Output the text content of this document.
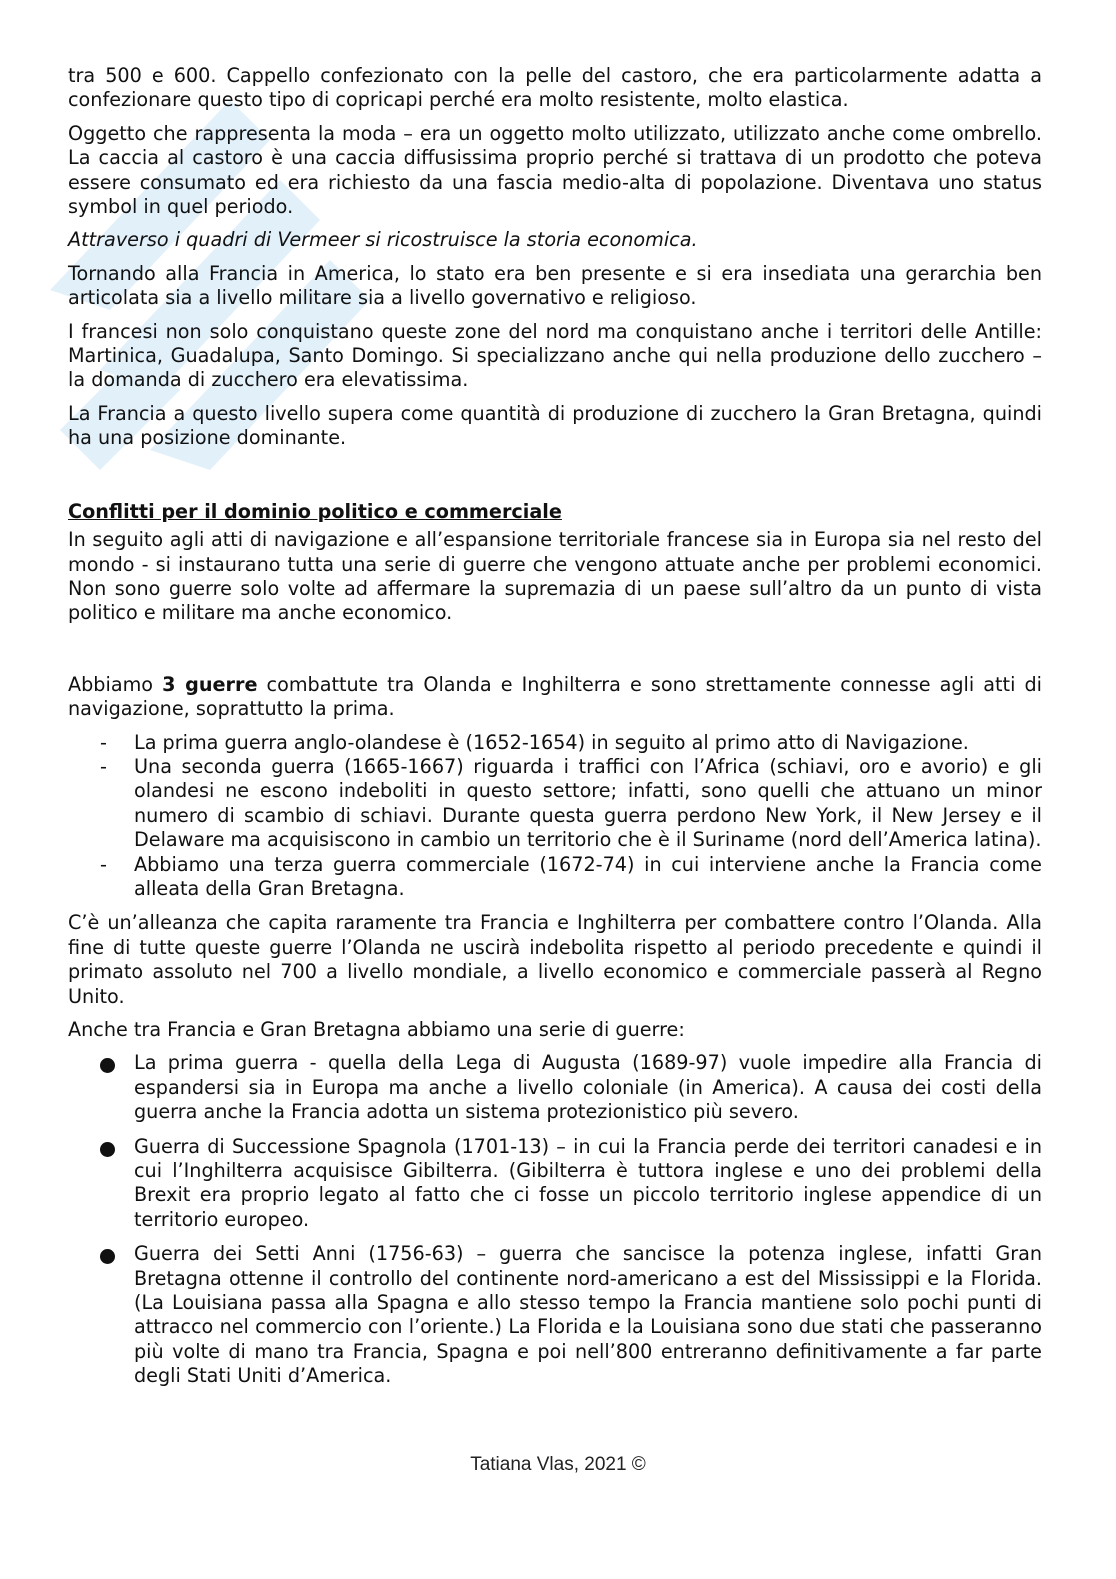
tra 500 e 600. Cappello confezionato con la pelle del castoro, che era particolarmente adatta a confezionare questo tipo di copricapi perché era molto resistente, molto elastica.

Oggetto che rappresenta la moda – era un oggetto molto utilizzato, utilizzato anche come ombrello. La caccia al castoro è una caccia diffusissima proprio perché si trattava di un prodotto che poteva essere consumato ed era richiesto da una fascia medio-alta di popolazione. Diventava uno status symbol in quel periodo.

Attraverso i quadri di Vermeer si ricostruisce la storia economica.

Tornando alla Francia in America, lo stato era ben presente e si era insediata una gerarchia ben articolata sia a livello militare sia a livello governativo e religioso.

I francesi non solo conquistano queste zone del nord ma conquistano anche i territori delle Antille: Martinica, Guadalupa, Santo Domingo. Si specializzano anche qui nella produzione dello zucchero – la domanda di zucchero era elevatissima.

La Francia a questo livello supera come quantità di produzione di zucchero la Gran Bretagna, quindi ha una posizione dominante.

Conflitti per il dominio politico e commerciale

In seguito agli atti di navigazione e all’espansione territoriale francese sia in Europa sia nel resto del mondo - si instaurano tutta una serie di guerre che vengono attuate anche per problemi economici. Non sono guerre solo volte ad affermare la supremazia di un paese sull’altro da un punto di vista politico e militare ma anche economico.

Abbiamo 3 guerre combattute tra Olanda e Inghilterra e sono strettamente connesse agli atti di navigazione, soprattutto la prima.

- La prima guerra anglo-olandese è (1652-1654) in seguito al primo atto di Navigazione.
- Una seconda guerra (1665-1667) riguarda i traffici con l’Africa (schiavi, oro e avorio) e gli olandesi ne escono indeboliti in questo settore; infatti, sono quelli che attuano un minor numero di scambio di schiavi. Durante questa guerra perdono New York, il New Jersey e il Delaware ma acquisiscono in cambio un territorio che è il Suriname (nord dell’America latina).
- Abbiamo una terza guerra commerciale (1672-74) in cui interviene anche la Francia come alleata della Gran Bretagna.

C’è un’alleanza che capita raramente tra Francia e Inghilterra per combattere contro l’Olanda. Alla fine di tutte queste guerre l’Olanda ne uscirà indebolita rispetto al periodo precedente e quindi il primato assoluto nel 700 a livello mondiale, a livello economico e commerciale passerà al Regno Unito.

Anche tra Francia e Gran Bretagna abbiamo una serie di guerre:

La prima guerra - quella della Lega di Augusta (1689-97) vuole impedire alla Francia di espandersi sia in Europa ma anche a livello coloniale (in America). A causa dei costi della guerra anche la Francia adotta un sistema protezionistico più severo.
Guerra di Successione Spagnola (1701-13) – in cui la Francia perde dei territori canadesi e in cui l’Inghilterra acquisisce Gibilterra. (Gibilterra è tuttora inglese e uno dei problemi della Brexit era proprio legato al fatto che ci fosse un piccolo territorio inglese appendice di un territorio europeo.
Guerra dei Setti Anni (1756-63) – guerra che sancisce la potenza inglese, infatti Gran Bretagna ottenne il controllo del continente nord-americano a est del Mississippi e la Florida. (La Louisiana passa alla Spagna e allo stesso tempo la Francia mantiene solo pochi punti di attracco nel commercio con l’oriente.) La Florida e la Louisiana sono due stati che passeranno più volte di mano tra Francia, Spagna e poi nell’800 entreranno definitivamente a far parte degli Stati Uniti d’America.
Tatiana Vlas, 2021 ©
